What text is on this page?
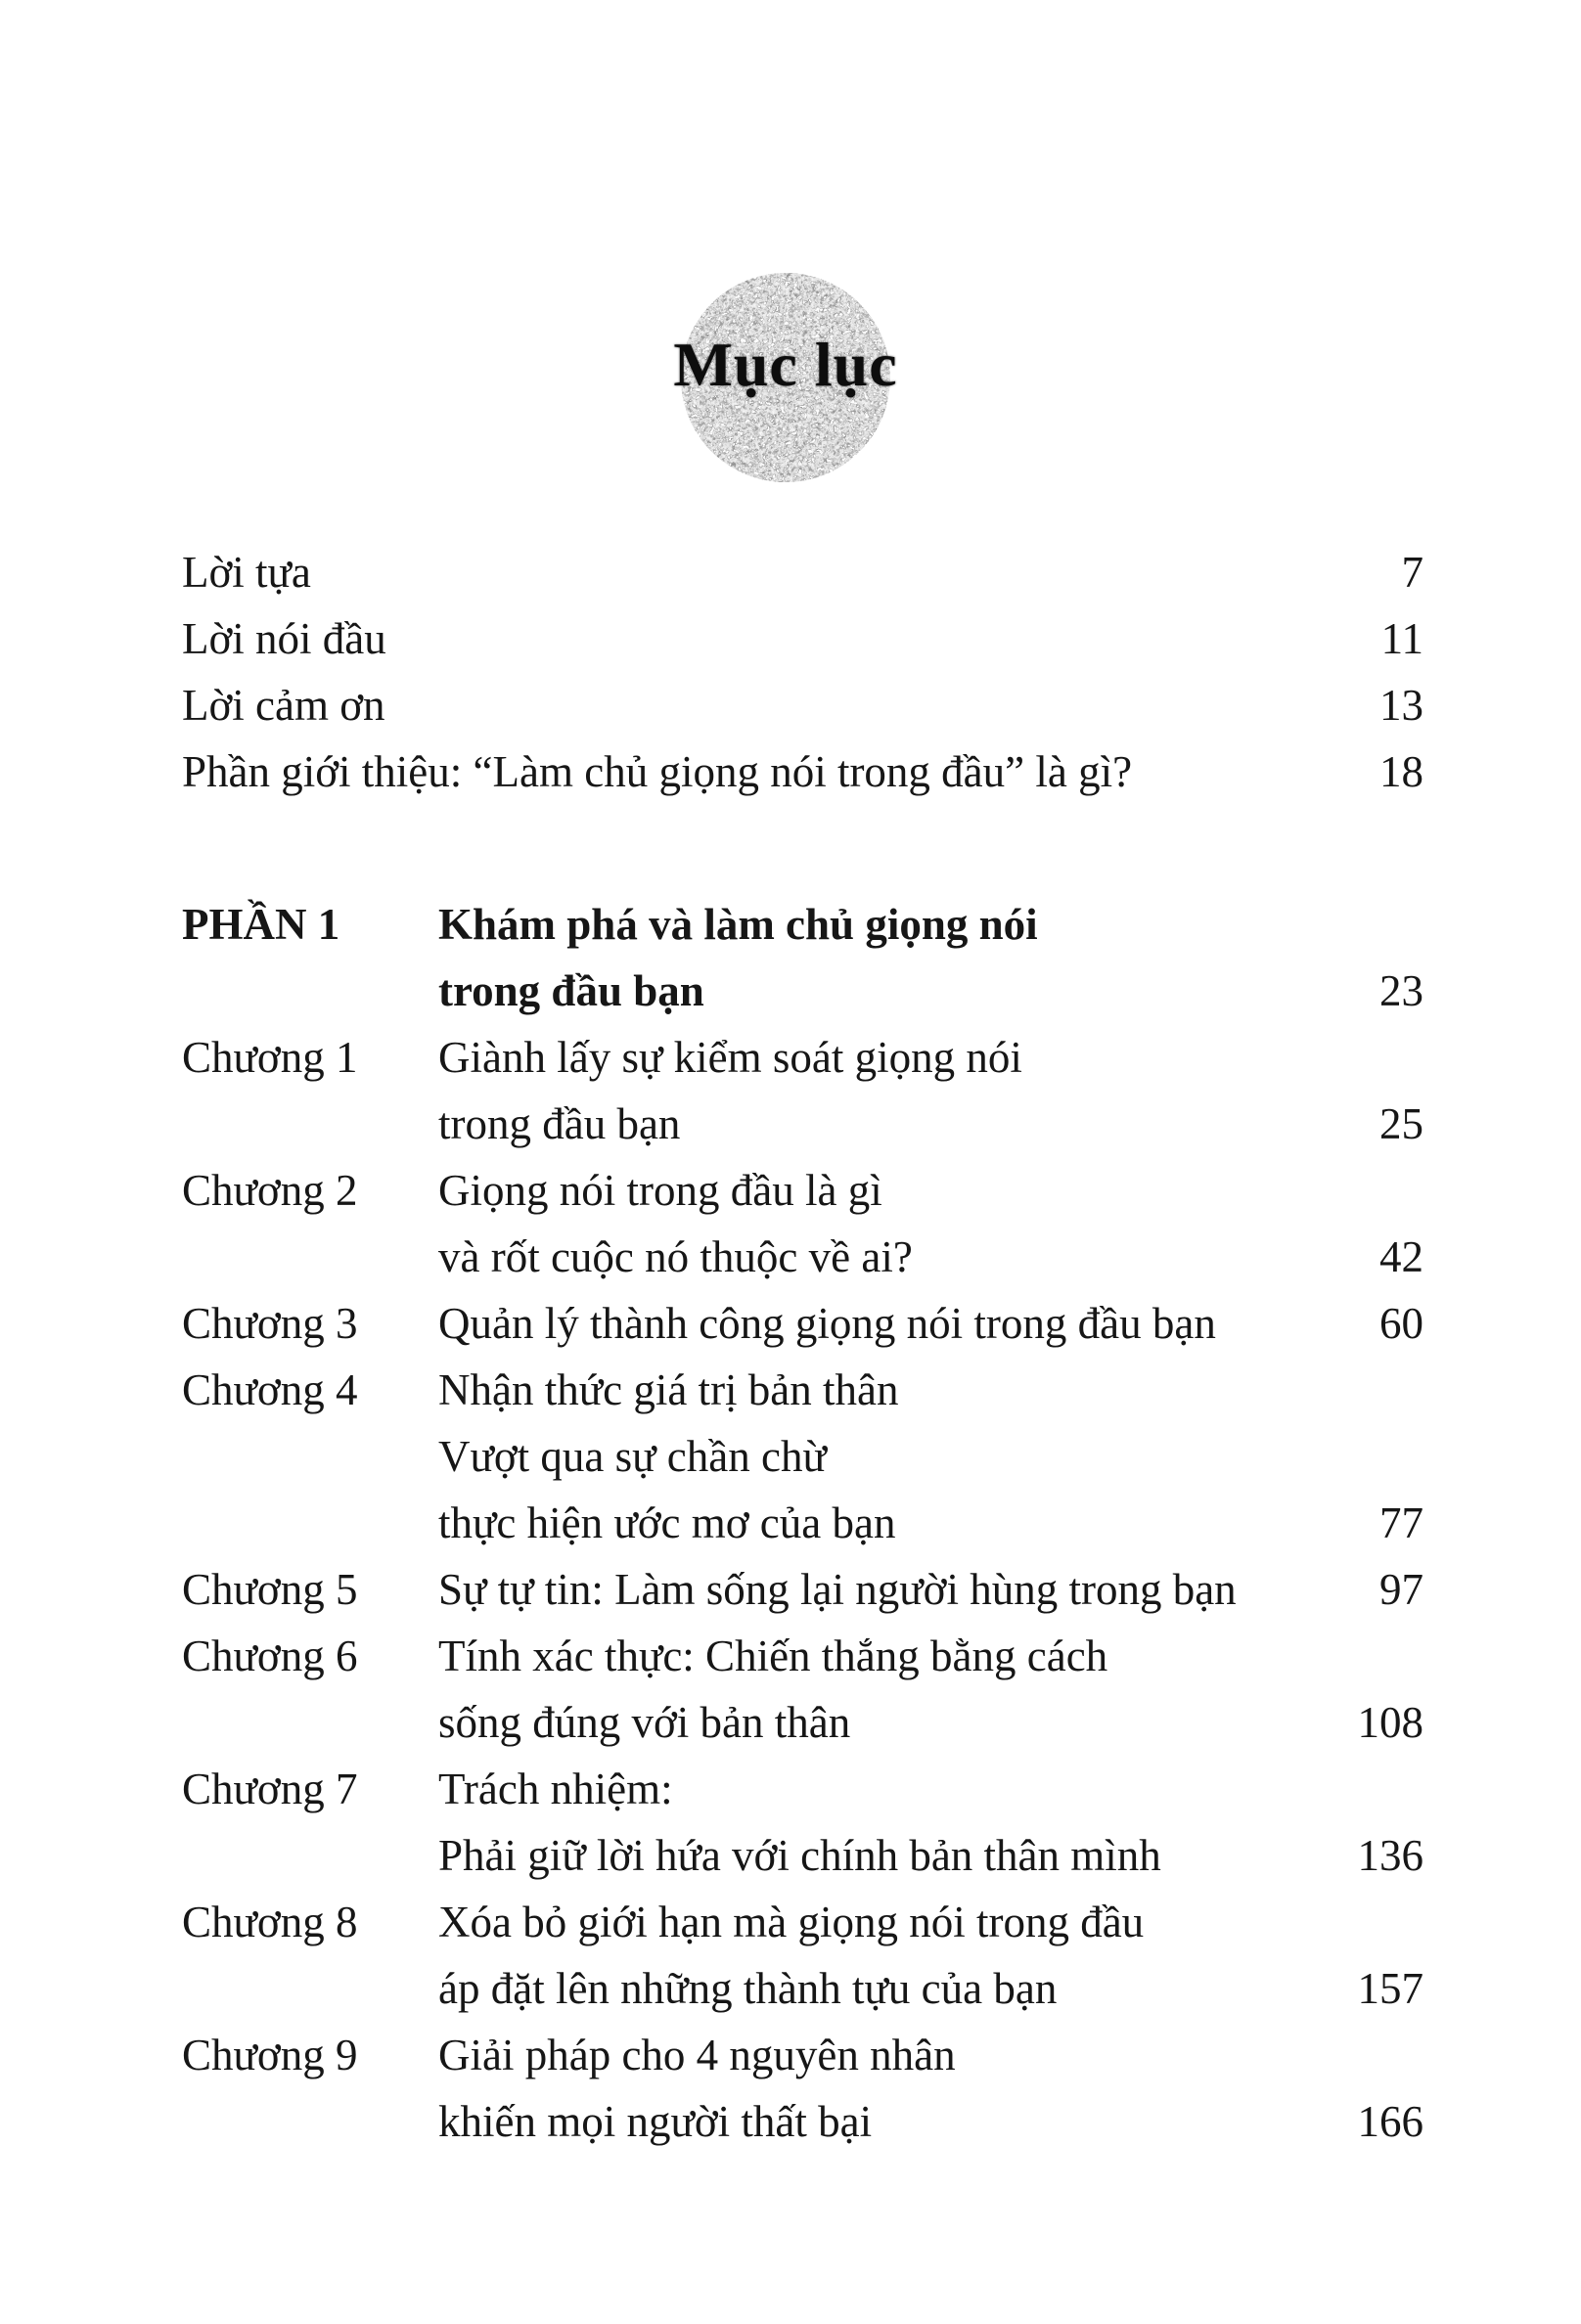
Mục lục
Lời tựa	7
Lời nói đầu	11
Lời cảm ơn	13
Phần giới thiệu: “Làm chủ giọng nói trong đầu” là gì?	18
PHẦN 1	Khám phá và làm chủ giọng nói
trong đầu bạn	23
Chương 1	Giành lấy sự kiểm soát giọng nói
trong đầu bạn	25
Chương 2	Giọng nói trong đầu là gì
và rốt cuộc nó thuộc về ai?	42
Chương 3	Quản lý thành công giọng nói trong đầu bạn	60
Chương 4	Nhận thức giá trị bản thân
Vượt qua sự chần chừ
thực hiện ước mơ của bạn	77
Chương 5	Sự tự tin: Làm sống lại người hùng trong bạn	97
Chương 6	Tính xác thực: Chiến thắng bằng cách
sống đúng với bản thân	108
Chương 7	Trách nhiệm:
Phải giữ lời hứa với chính bản thân mình	136
Chương 8	Xóa bỏ giới hạn mà giọng nói trong đầu
áp đặt lên những thành tựu của bạn	157
Chương 9	Giải pháp cho 4 nguyên nhân
khiến mọi người thất bại	166
